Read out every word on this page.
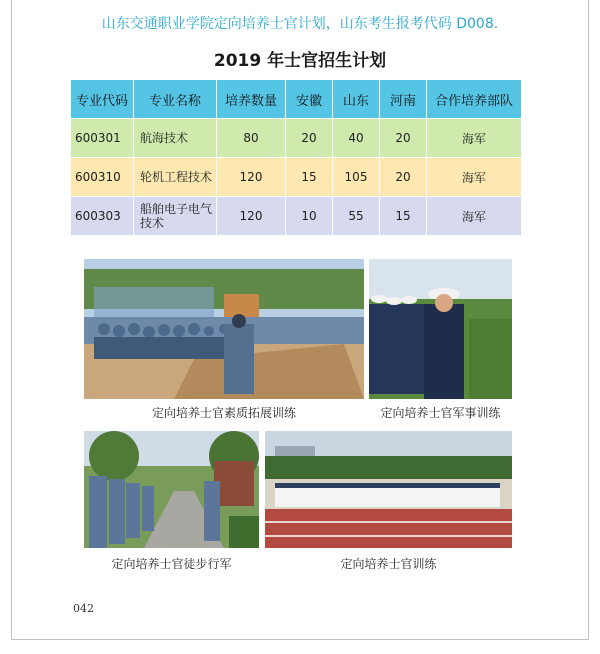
山东交通职业学院定向培养士官计划，山东考生报考代码 D008.
2019 年士官招生计划
专业代码	专业名称	培养数量	安徽	山东	河南	合作培养部队
600301	航海技术	80	20	40	20	海军
600310	轮机工程技术	120	15	105	20	海军
600303	船舶电子电气技术	120	10	55	15	海军
定向培养士官素质拓展训练	定向培养士官军事训练
定向培养士官徒步行军	定向培养士官训练
042
